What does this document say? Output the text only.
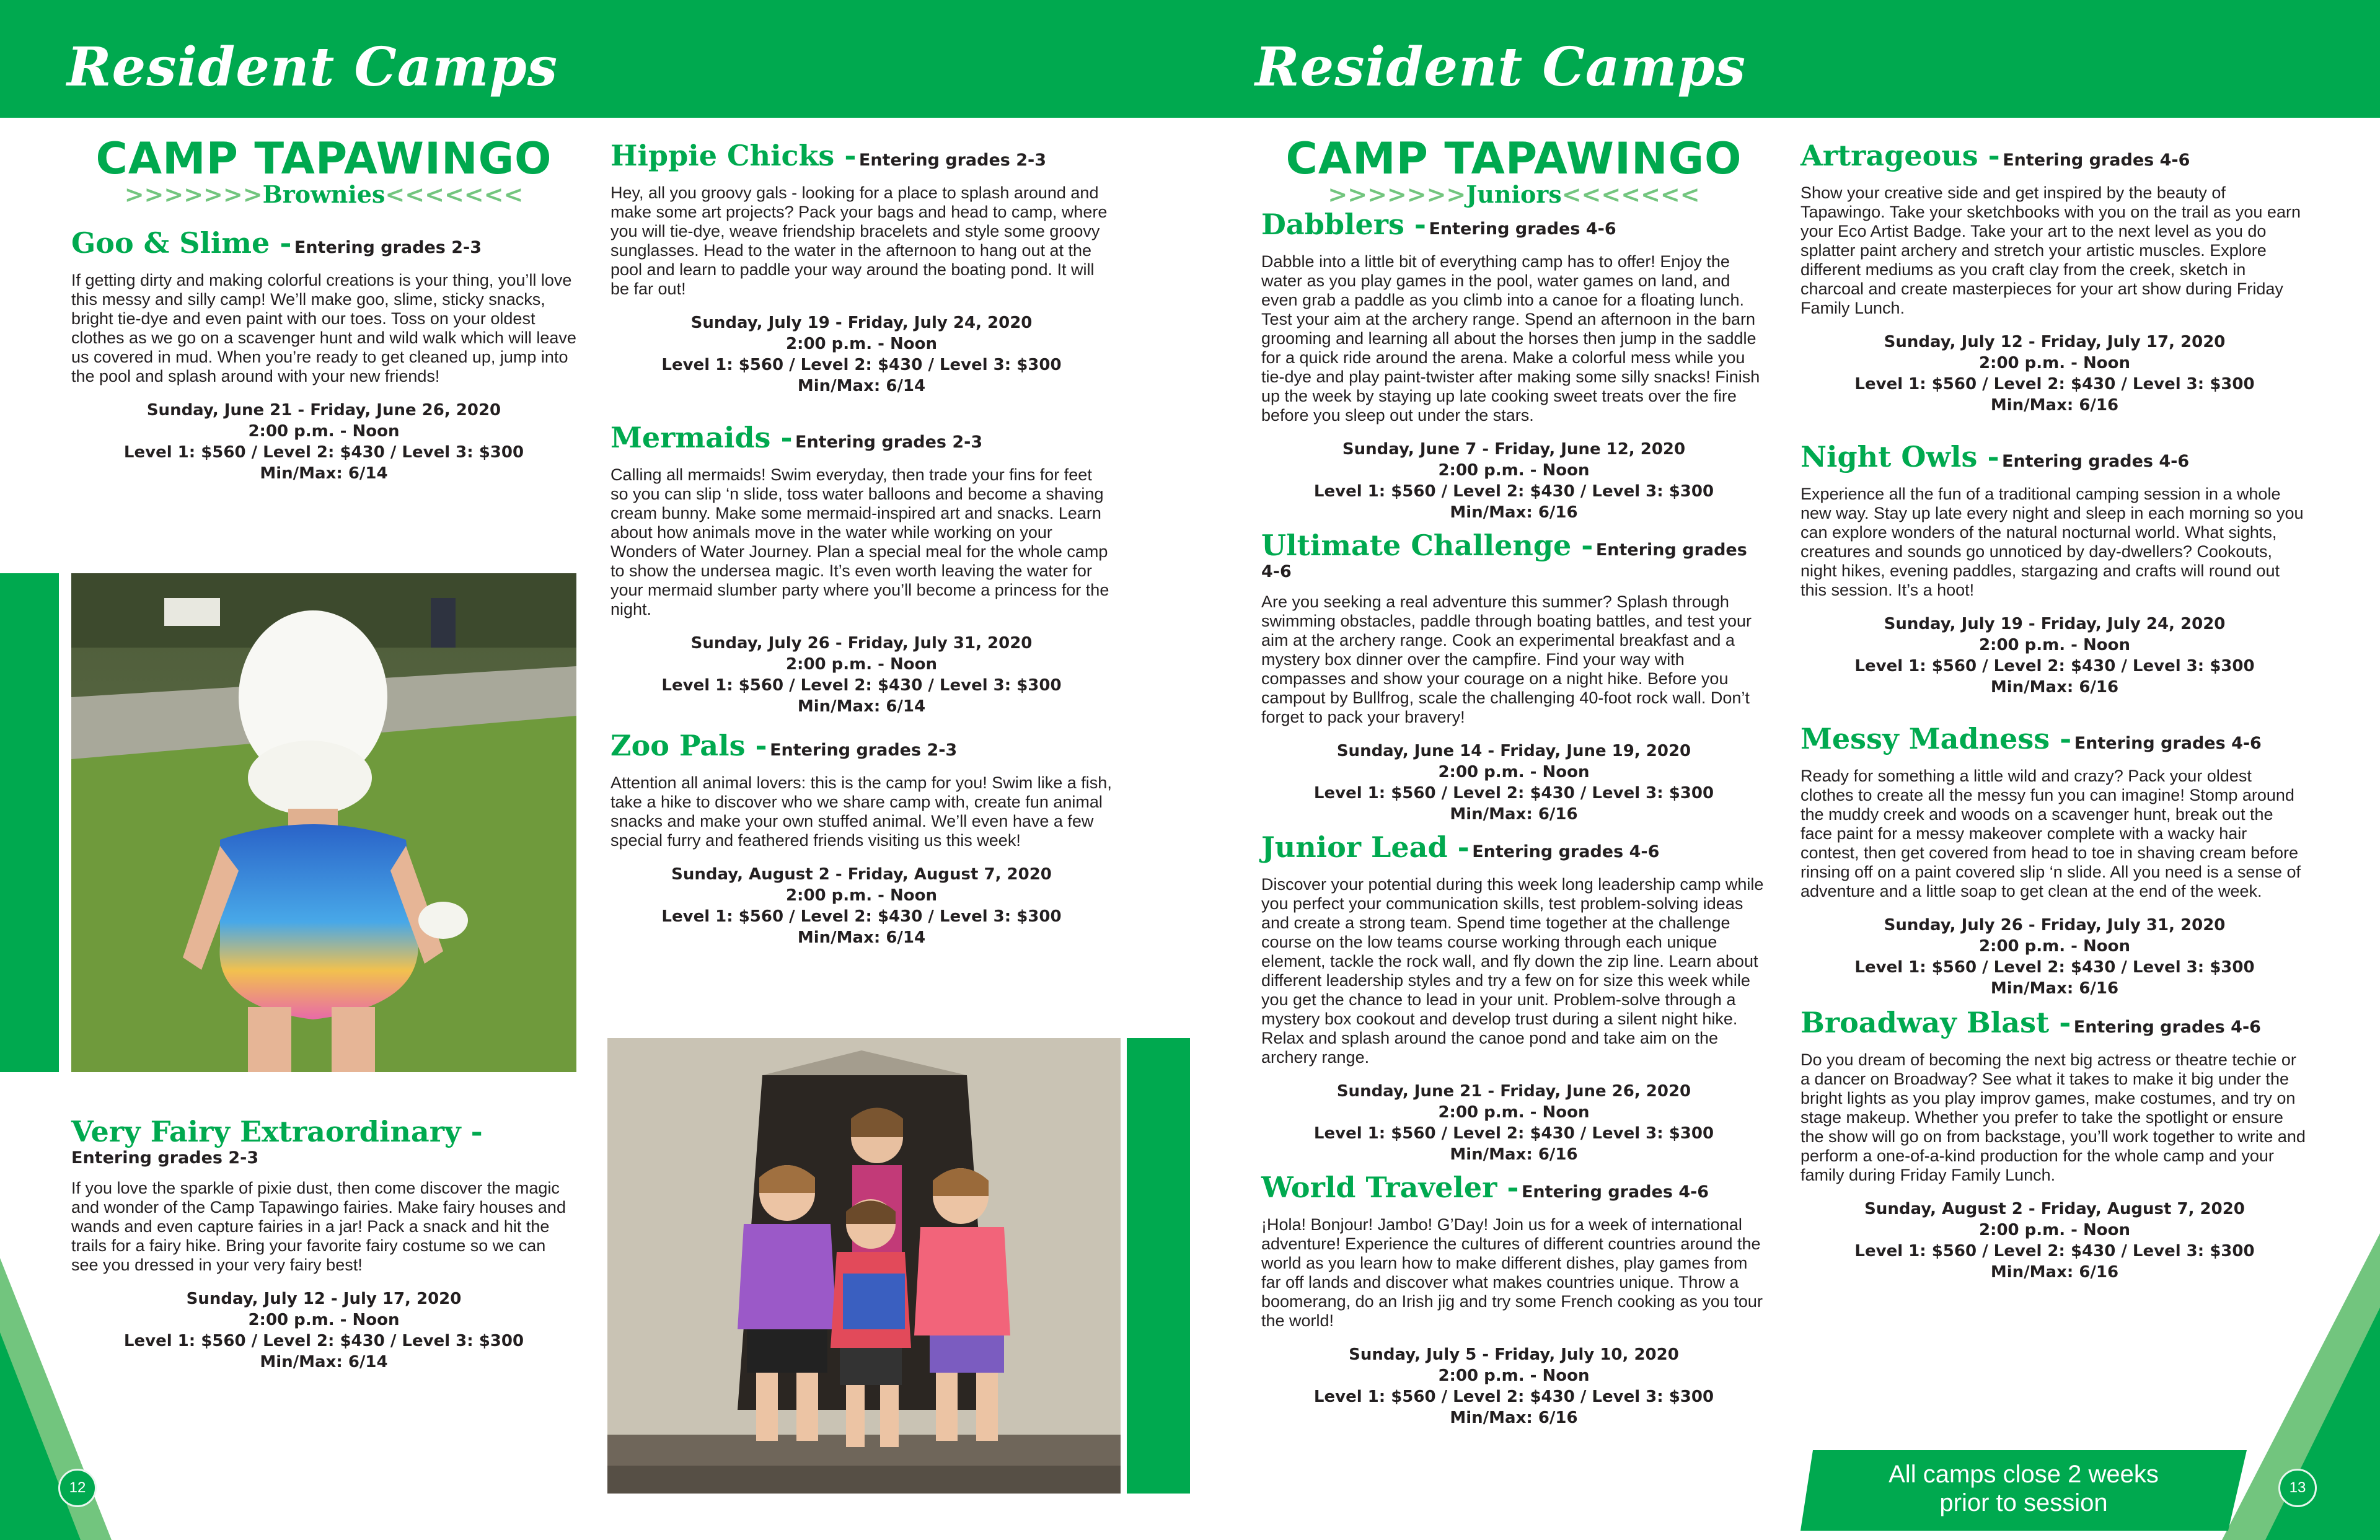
Resident Camps	Resident Camps
12	13
CAMP TAPAWINGO
>>>>>>>Brownies<<<<<<<

Goo & Slime - Entering grades 2-3

If getting dirty and making colorful creations is your thing, you’ll love this messy and silly camp! We’ll make goo, slime, sticky snacks, bright tie-dye and even paint with our toes. Toss on your oldest clothes as we go on a scavenger hunt and wild walk which will leave us covered in mud. When you’re ready to get cleaned up, jump into the pool and splash around with your new friends!

Sunday, June 21 - Friday, June 26, 2020

2:00 p.m. - Noon

Level 1: $560 / Level 2: $430 / Level 3: $300

Min/Max: 6/14

Very Fairy Extraordinary -

Entering grades 2-3

If you love the sparkle of pixie dust, then come discover the magic and wonder of the Camp Tapawingo fairies. Make fairy houses and wands and even capture fairies in a jar! Pack a snack and hit the trails for a fairy hike. Bring your favorite fairy costume so we can see you dressed in your very fairy best!

Sunday, July 12 - July 17, 2020

2:00 p.m. - Noon

Level 1: $560 / Level 2: $430 / Level 3: $300

Min/Max: 6/14

Hippie Chicks - Entering grades 2-3

Hey, all you groovy gals - looking for a place to splash around and make some art projects? Pack your bags and head to camp, where you will tie-dye, weave friendship bracelets and style some groovy sunglasses. Head to the water in the afternoon to hang out at the pool and learn to paddle your way around the boating pond. It will be far out!

Sunday, July 19 - Friday, July 24, 2020

2:00 p.m. - Noon

Level 1: $560 / Level 2: $430 / Level 3: $300

Min/Max: 6/14

Mermaids - Entering grades 2-3

Calling all mermaids! Swim everyday, then trade your fins for feet so you can slip ‘n slide, toss water balloons and become a shaving cream bunny. Make some mermaid-inspired art and snacks. Learn about how animals move in the water while working on your Wonders of Water Journey. Plan a special meal for the whole camp to show the undersea magic. It’s even worth leaving the water for your mermaid slumber party where you’ll become a princess for the night.

Sunday, July 26 - Friday, July 31, 2020

2:00 p.m. - Noon

Level 1: $560 / Level 2: $430 / Level 3: $300

Min/Max: 6/14

Zoo Pals - Entering grades 2-3

Attention all animal lovers: this is the camp for you! Swim like a fish, take a hike to discover who we share camp with, create fun animal snacks and make your own stuffed animal. We’ll even have a few special furry and feathered friends visiting us this week!

Sunday, August 2 - Friday, August 7, 2020

2:00 p.m. - Noon

Level 1: $560 / Level 2: $430 / Level 3: $300

Min/Max: 6/14

CAMP TAPAWINGO
>>>>>>>Juniors<<<<<<<

Dabblers - Entering grades 4-6

Dabble into a little bit of everything camp has to offer! Enjoy the water as you play games in the pool, water games on land, and even grab a paddle as you climb into a canoe for a floating lunch. Test your aim at the archery range. Spend an afternoon in the barn grooming and learning all about the horses then jump in the saddle for a quick ride around the arena. Make a colorful mess while you tie-dye and play paint-twister after making some silly snacks! Finish up the week by staying up late cooking sweet treats over the fire before you sleep out under the stars.

Sunday, June 7 - Friday, June 12, 2020

2:00 p.m. - Noon

Level 1: $560 / Level 2: $430 / Level 3: $300

Min/Max: 6/16

Ultimate Challenge - Entering grades 4-6

Are you seeking a real adventure this summer? Splash through swimming obstacles, paddle through boating battles, and test your aim at the archery range. Cook an experimental breakfast and a mystery box dinner over the campfire. Find your way with compasses and show your courage on a night hike. Before you campout by Bullfrog, scale the challenging 40-foot rock wall. Don’t forget to pack your bravery!

Sunday, June 14 - Friday, June 19, 2020

2:00 p.m. - Noon

Level 1: $560 / Level 2: $430 / Level 3: $300

Min/Max: 6/16

Junior Lead - Entering grades 4-6

Discover your potential during this week long leadership camp while you perfect your communication skills, test problem-solving ideas and create a strong team. Spend time together at the challenge course on the low teams course working through each unique element, tackle the rock wall, and fly down the zip line. Learn about different leadership styles and try a few on for size this week while you get the chance to lead in your unit. Problem-solve through a mystery box cookout and develop trust during a silent night hike. Relax and splash around the canoe pond and take aim on the archery range.

Sunday, June 21 - Friday, June 26, 2020

2:00 p.m. - Noon

Level 1: $560 / Level 2: $430 / Level 3: $300

Min/Max: 6/16

World Traveler - Entering grades 4-6

¡Hola! Bonjour! Jambo! G’Day! Join us for a week of international adventure! Experience the cultures of different countries around the world as you learn how to make different dishes, play games from far off lands and discover what makes countries unique. Throw a boomerang, do an Irish jig and try some French cooking as you tour the world!

Sunday, July 5 - Friday, July 10, 2020

2:00 p.m. - Noon

Level 1: $560 / Level 2: $430 / Level 3: $300

Min/Max: 6/16

Artrageous - Entering grades 4-6

Show your creative side and get inspired by the beauty of Tapawingo. Take your sketchbooks with you on the trail as you earn your Eco Artist Badge. Take your art to the next level as you do splatter paint archery and stretch your artistic muscles. Explore different mediums as you craft clay from the creek, sketch in charcoal and create masterpieces for your art show during Friday Family Lunch.

Sunday, July 12 - Friday, July 17, 2020

2:00 p.m. - Noon

Level 1: $560 / Level 2: $430 / Level 3: $300

Min/Max: 6/16

Night Owls - Entering grades 4-6

Experience all the fun of a traditional camping session in a whole new way. Stay up late every night and sleep in each morning so you can explore wonders of the natural nocturnal world. What sights, creatures and sounds go unnoticed by day-dwellers? Cookouts, night hikes, evening paddles, stargazing and crafts will round out this session. It’s a hoot!

Sunday, July 19 - Friday, July 24, 2020

2:00 p.m. - Noon

Level 1: $560 / Level 2: $430 / Level 3: $300

Min/Max: 6/16

Messy Madness - Entering grades 4-6

Ready for something a little wild and crazy? Pack your oldest clothes to create all the messy fun you can imagine! Stomp around the muddy creek and woods on a scavenger hunt, break out the face paint for a messy makeover complete with a wacky hair contest, then get covered from head to toe in shaving cream before rinsing off on a paint covered slip ‘n slide. All you need is a sense of adventure and a little soap to get clean at the end of the week.

Sunday, July 26 - Friday, July 31, 2020

2:00 p.m. - Noon

Level 1: $560 / Level 2: $430 / Level 3: $300

Min/Max: 6/16

Broadway Blast - Entering grades 4-6

Do you dream of becoming the next big actress or theatre techie or a dancer on Broadway? See what it takes to make it big under the bright lights as you play improv games, make costumes, and try on stage makeup. Whether you prefer to take the spotlight or ensure the show will go on from backstage, you’ll work together to write and perform a one-of-a-kind production for the whole camp and your family during Friday Family Lunch.

Sunday, August 2 - Friday, August 7, 2020

2:00 p.m. - Noon

Level 1: $560 / Level 2: $430 / Level 3: $300

Min/Max: 6/16

All camps close 2 weeks
prior to session
